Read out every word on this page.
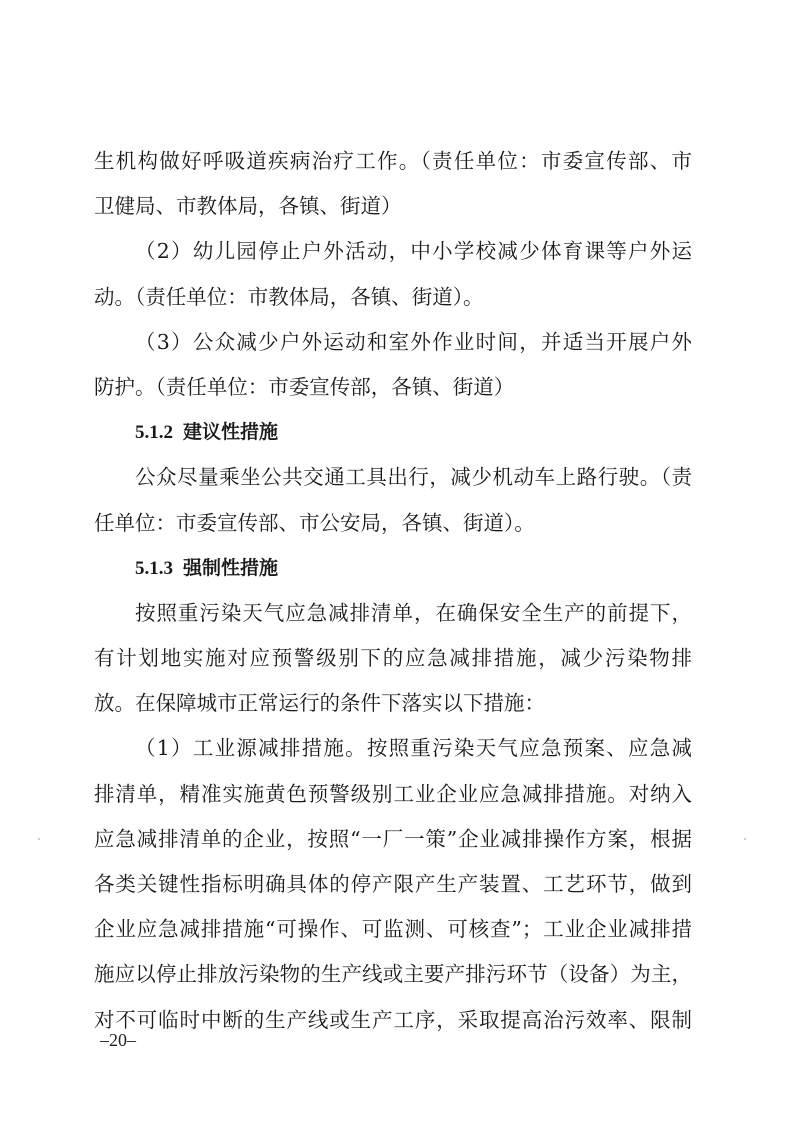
生机构做好呼吸道疾病治疗工作。（责任单位：市委宣传部、市
卫健局、市教体局，各镇、街道）
（2）幼儿园停止户外活动，中小学校减少体育课等户外运
动。（责任单位：市教体局，各镇、街道）。
（3）公众减少户外运动和室外作业时间，并适当开展户外
防护。（责任单位：市委宣传部，各镇、街道）
5.1.2 建议性措施
公众尽量乘坐公共交通工具出行，减少机动车上路行驶。（责
任单位：市委宣传部、市公安局，各镇、街道）。
5.1.3 强制性措施
按照重污染天气应急减排清单，在确保安全生产的前提下，
有计划地实施对应预警级别下的应急减排措施，减少污染物排
放。在保障城市正常运行的条件下落实以下措施：
（1）工业源减排措施。按照重污染天气应急预案、应急减
排清单，精准实施黄色预警级别工业企业应急减排措施。对纳入
应急减排清单的企业，按照“一厂一策”企业减排操作方案，根据
各类关键性指标明确具体的停产限产生产装置、工艺环节，做到
企业应急减排措施“可操作、可监测、可核查”；工业企业减排措
施应以停止排放污染物的生产线或主要产排污环节（设备）为主，
对不可临时中断的生产线或生产工序，采取提高治污效率、限制
–20–
